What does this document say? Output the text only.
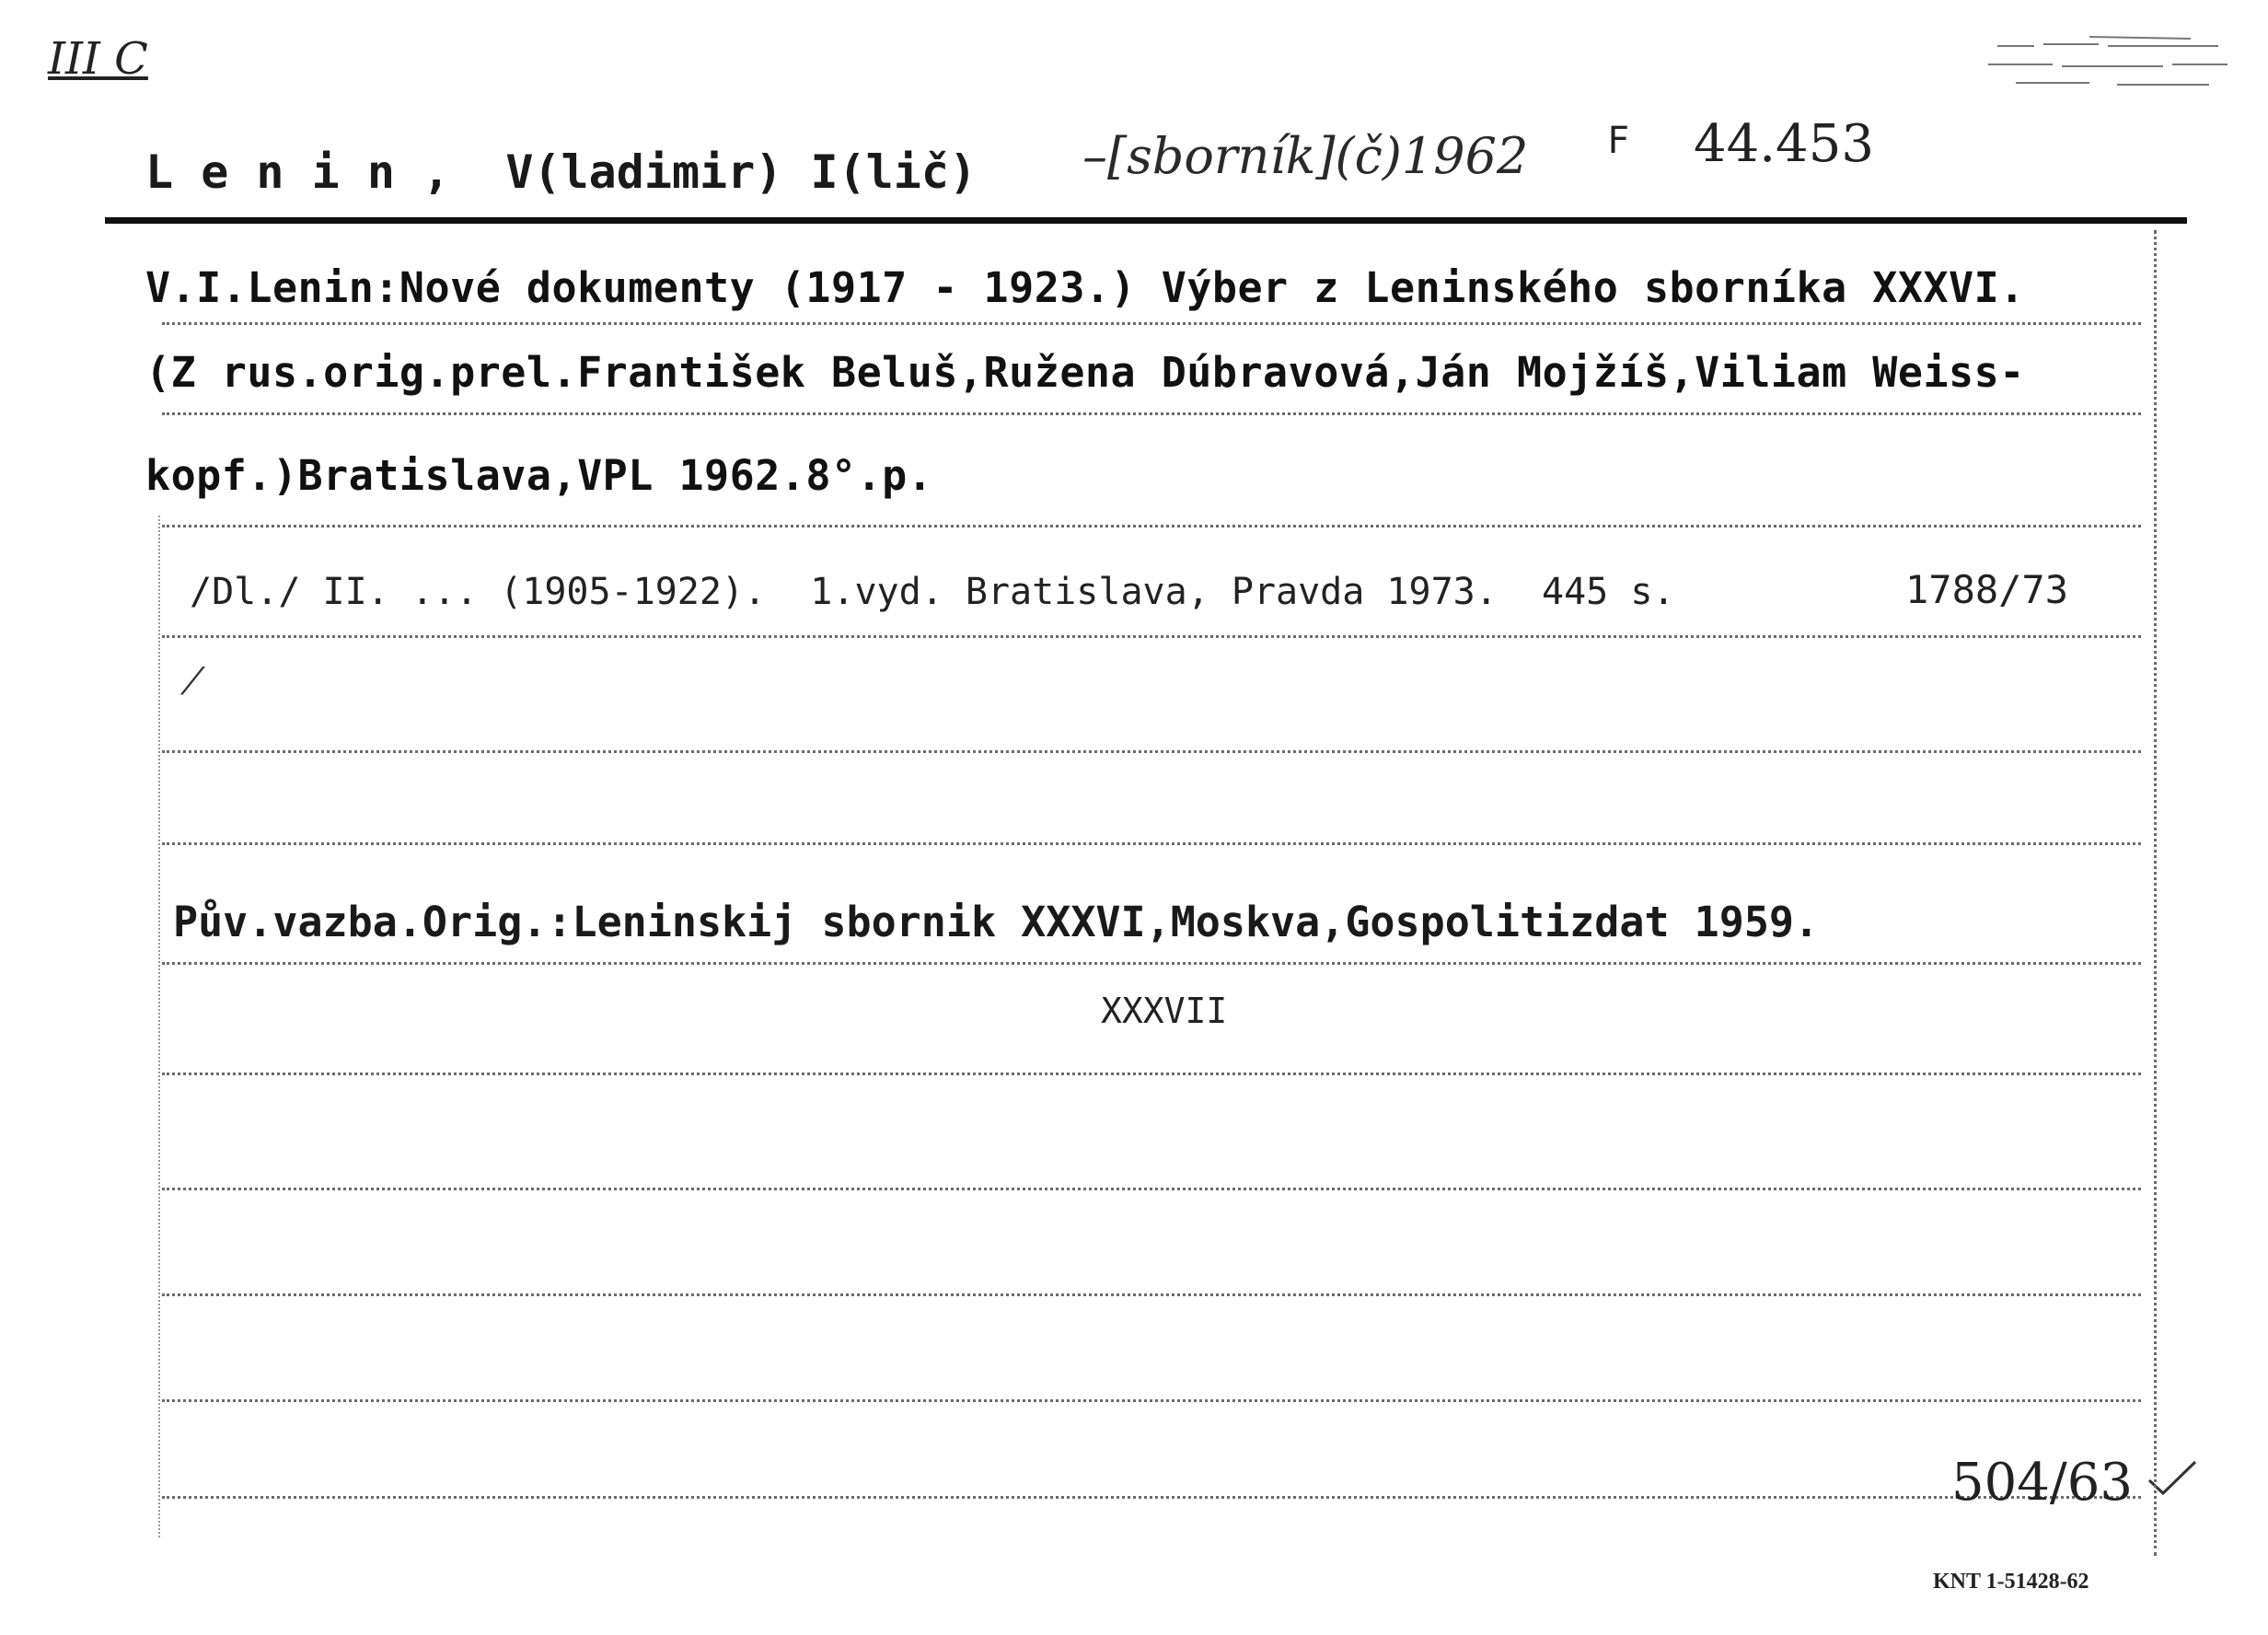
III C
L e n i n ,  V(ladimir) I(lič) –[sborník](č)1962 F 44.453
V.I.Lenin:Nové dokumenty (1917 - 1923.) Výber z Leninského sborníka XXXVI.
(Z rus.orig.prel.František Beluš,Ružena Dúbravová,Ján Mojžíš,Viliam Weiss-
kopf.)Bratislava,VPL 1962.8°.p.
/Dl./ II. ... (1905-1922).  1.vyd. Bratislava, Pravda 1973.  445 s.	1788/73
⁄
Pův.vazba.Orig.:Leninskij sbornik XXXVI,Moskva,Gospolitizdat 1959.
XXXVII
504/63
KNT 1-51428-62
